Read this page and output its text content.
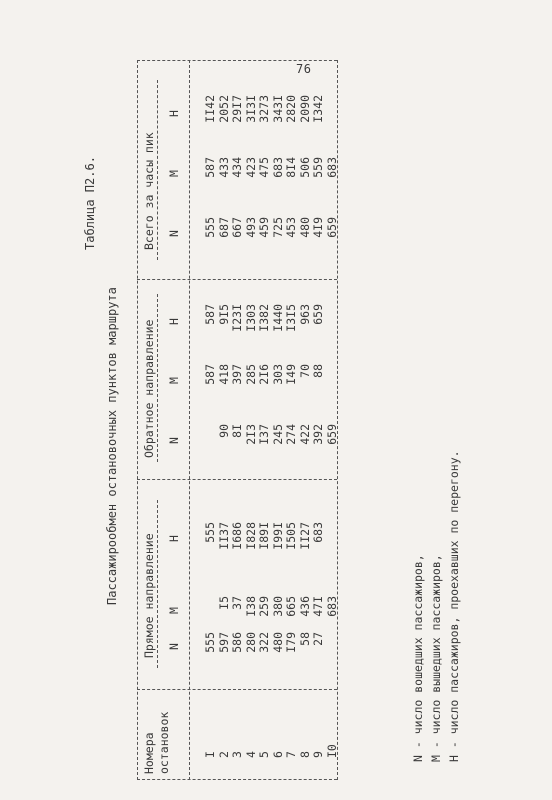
76
Таблица П2.6.
Пассажирообмен остановочных пунктов маршрута
Номера остановок
Прямое направление
Обратное направление
Всего за часы пик
N
М
Н
N
М
Н
N
М
Н
I
555
555
587
587
555
587
II42
2
597
I5
II37
90
418
9I5
687
433
2052
3
586
37
I686
8I
397
I23I
667
434
29I7
4
280
I38
I828
2I3
285
I303
493
423
3I3I
5
322
259
I89I
I37
2I6
I382
459
475
3273
6
480
380
I99I
245
303
I440
725
683
343I
7
I79
665
I505
274
I49
I3I5
453
8I4
2820
8
58
436
II27
422
70
963
480
506
2090
9
27
47I
683
392
88
659
4I9
559
I342
I0
683
659
659
683
N - число вошедших пассажиров, М - число вышедших пассажиров, Н - число пассажиров, проехавших по перегону.
